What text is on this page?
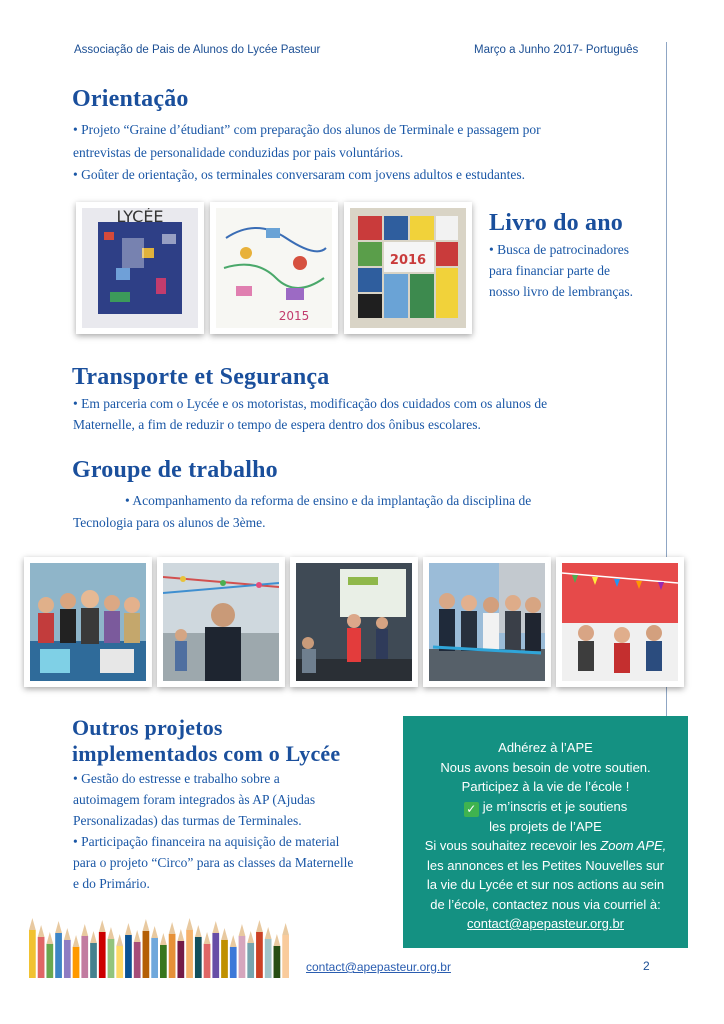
Associação de Pais de Alunos do Lycée Pasteur	Março a Junho 2017- Português
Orientação
• Projeto “Graine d’étudiant” com preparação dos alunos de Terminale e passagem por
entrevistas de personalidade conduzidas por pais voluntários.
• Goûter de orientação, os terminales conversaram com jovens adultos e estudantes.
LYCÉE
2015
2016
Livro do ano
• Busca de patrocinadores
para financiar parte de
nosso livro de lembranças.
Transporte et Segurança
• Em parceria com o Lycée e os motoristas, modificação dos cuidados com os alunos de
Maternelle, a fim de reduzir o tempo de espera dentro dos ônibus escolares.
Groupe de trabalho
• Acompanhamento da reforma de ensino e da implantação da disciplina de
Tecnologia para os alunos de 3ème.
Outros projetos
implementados com o Lycée
• Gestão do estresse e trabalho sobre a
autoimagem foram integrados às AP (Ajudas
Personalizadas) das turmas de Terminales.
• Participação financeira na aquisição de material
para o projeto “Circo” para as classes da Maternelle
e do Primário.
Adhérez à l’APE
Nous avons besoin de votre soutien.
Participez à la vie de l’école !
✓ je m’inscris et je soutiens
les projets de l’APE
Si vous souhaitez recevoir les Zoom APE,
les annonces et les Petites Nouvelles sur
la vie du Lycée et sur nos actions au sein
de l’école, contactez nous via courriel à:
contact@apepasteur.org.br
contact@apepasteur.org.br	2
